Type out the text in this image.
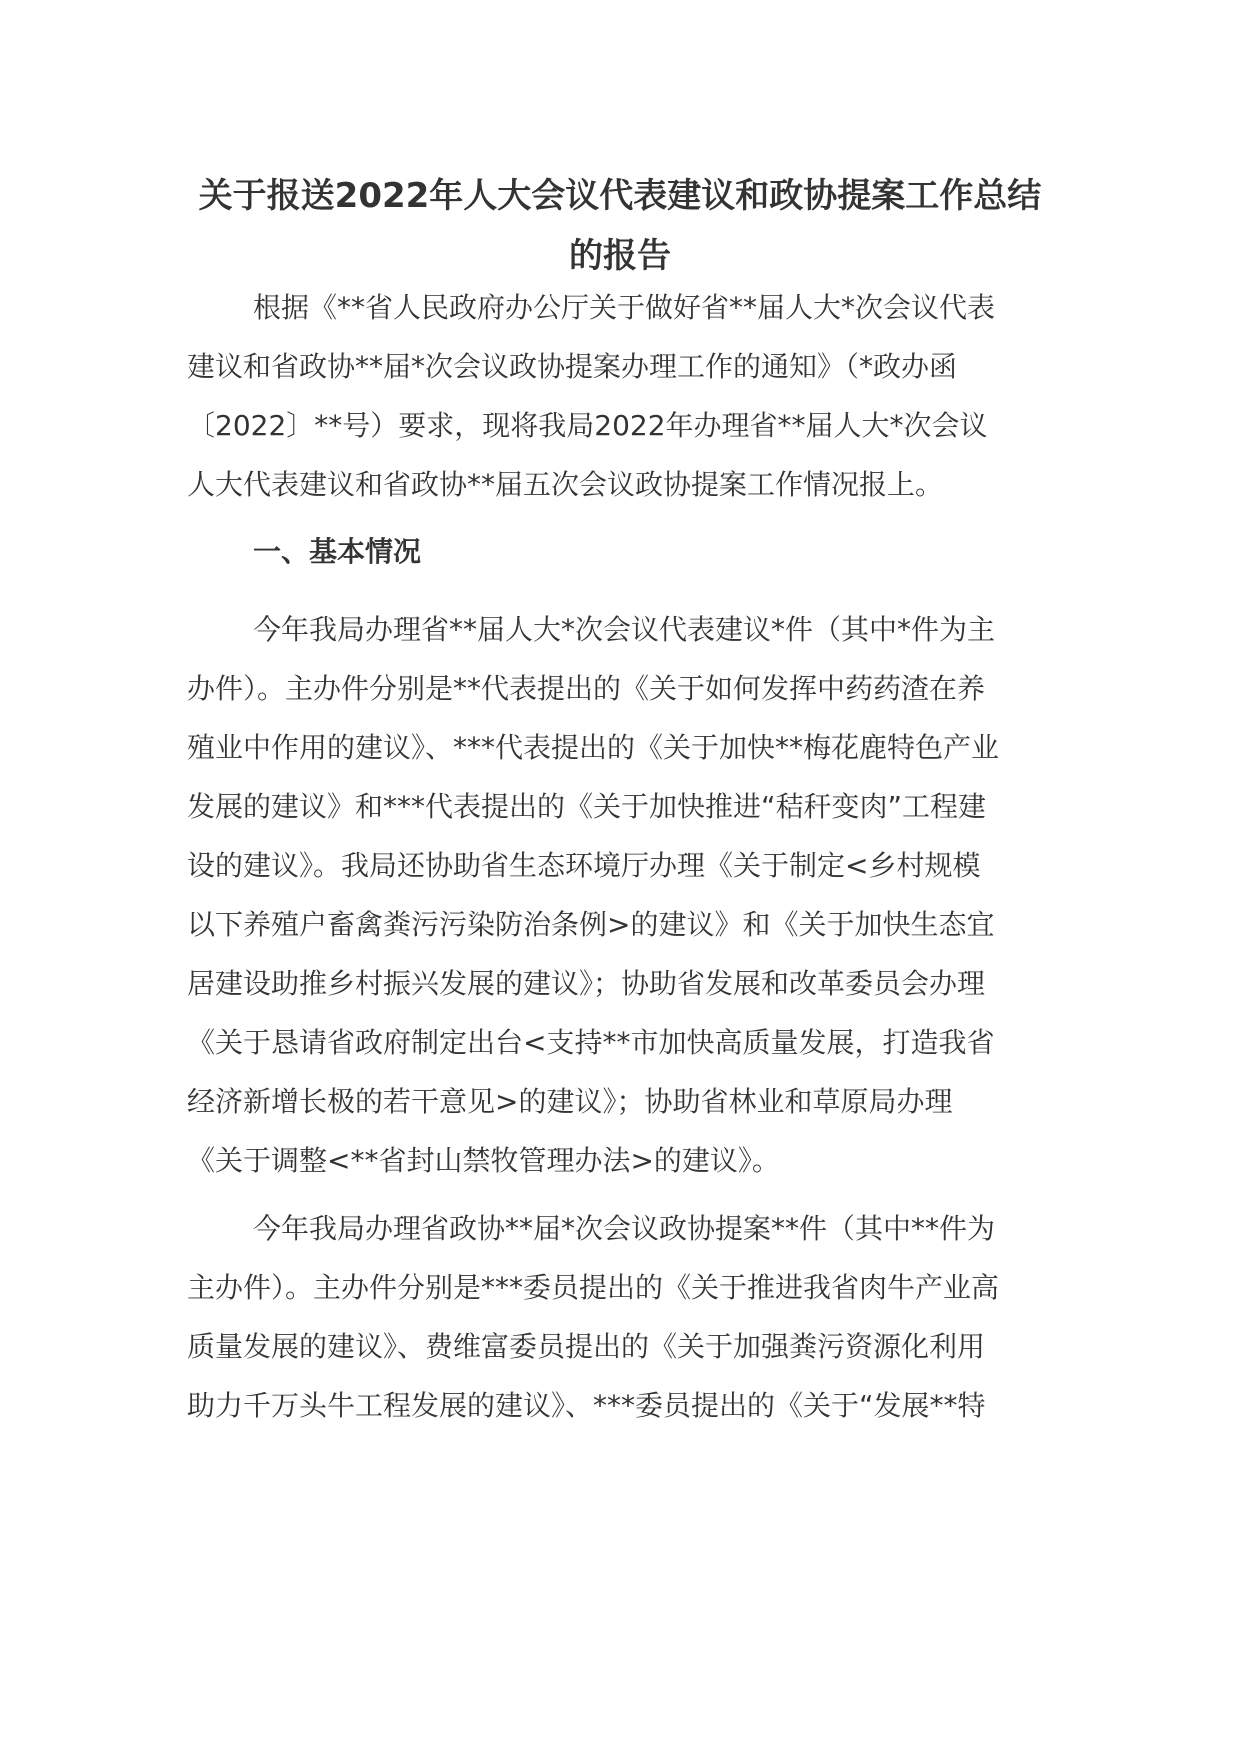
关于报送2022年人大会议代表建议和政协提案工作总结
的报告
根据《**省人民政府办公厅关于做好省**届人大*次会议代表
建议和省政协**届*次会议政协提案办理工作的通知》（*政办函
〔2022〕**号）要求，现将我局2022年办理省**届人大*次会议
人大代表建议和省政协**届五次会议政协提案工作情况报上。
一、基本情况
今年我局办理省**届人大*次会议代表建议*件（其中*件为主
办件）。主办件分别是**代表提出的《关于如何发挥中药药渣在养
殖业中作用的建议》、***代表提出的《关于加快**梅花鹿特色产业
发展的建议》和***代表提出的《关于加快推进“秸秆变肉”工程建
设的建议》。我局还协助省生态环境厅办理《关于制定<乡村规模
以下养殖户畜禽粪污污染防治条例>的建议》和《关于加快生态宜
居建设助推乡村振兴发展的建议》；协助省发展和改革委员会办理
《关于恳请省政府制定出台<支持**市加快高质量发展，打造我省
经济新增长极的若干意见>的建议》；协助省林业和草原局办理
《关于调整<**省封山禁牧管理办法>的建议》。
今年我局办理省政协**届*次会议政协提案**件（其中**件为
主办件）。主办件分别是***委员提出的《关于推进我省肉牛产业高
质量发展的建议》、费维富委员提出的《关于加强粪污资源化利用
助力千万头牛工程发展的建议》、***委员提出的《关于“发展**特
